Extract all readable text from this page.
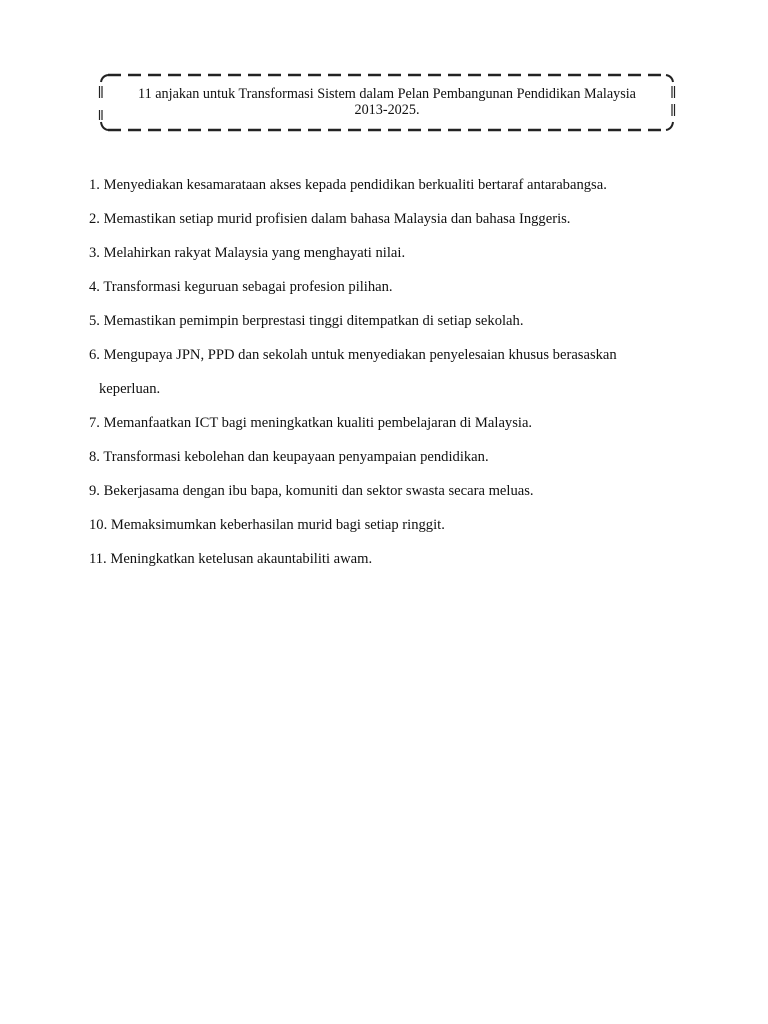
11 anjakan untuk Transformasi Sistem dalam Pelan Pembangunan Pendidikan Malaysia
2013-2025.
1. Menyediakan kesamarataan akses kepada pendidikan berkualiti bertaraf antarabangsa.
2. Memastikan setiap murid profisien dalam bahasa Malaysia dan bahasa Inggeris.
3. Melahirkan rakyat Malaysia yang menghayati nilai.
4. Transformasi keguruan sebagai profesion pilihan.
5. Memastikan pemimpin berprestasi tinggi ditempatkan di setiap sekolah.
6. Mengupaya JPN, PPD dan sekolah untuk menyediakan penyelesaian khusus berasaskan
keperluan.
7. Memanfaatkan ICT bagi meningkatkan kualiti pembelajaran di Malaysia.
8. Transformasi kebolehan dan keupayaan penyampaian pendidikan.
9. Bekerjasama dengan ibu bapa, komuniti dan sektor swasta secara meluas.
10. Memaksimumkan keberhasilan murid bagi setiap ringgit.
11. Meningkatkan ketelusan akauntabiliti awam.
